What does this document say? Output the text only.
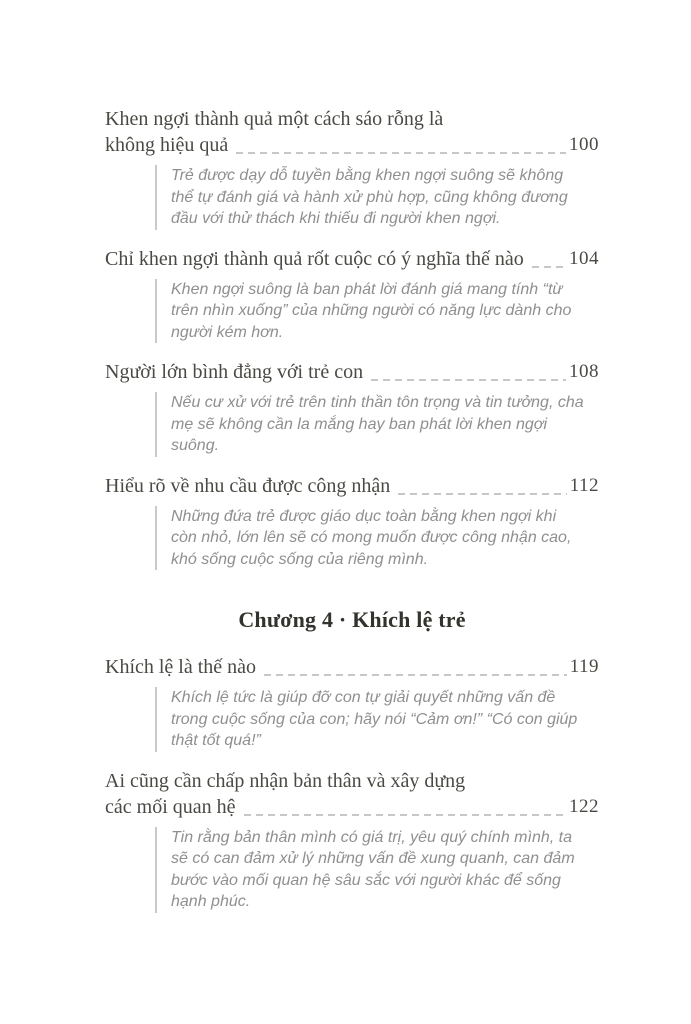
Khen ngợi thành quả một cách sáo rỗng là
không hiệu quả	100

Trẻ được dạy dỗ tuyền bằng khen ngợi suông sẽ không thể tự đánh giá và hành xử phù hợp, cũng không đương đầu với thử thách khi thiếu đi người khen ngợi.

Chỉ khen ngợi thành quả rốt cuộc có ý nghĩa thế nào 104

Khen ngợi suông là ban phát lời đánh giá mang tính “từ trên nhìn xuống” của những người có năng lực dành cho người kém hơn.

Người lớn bình đẳng với trẻ con	108

Nếu cư xử với trẻ trên tinh thần tôn trọng và tin tưởng, cha mẹ sẽ không cần la mắng hay ban phát lời khen ngợi suông.

Hiểu rõ về nhu cầu được công nhận	112

Những đứa trẻ được giáo dục toàn bằng khen ngợi khi còn nhỏ, lớn lên sẽ có mong muốn được công nhận cao, khó sống cuộc sống của riêng mình.

Chương 4 · Khích lệ trẻ
Khích lệ là thế nào	119

Khích lệ tức là giúp đỡ con tự giải quyết những vấn đề trong cuộc sống của con; hãy nói “Cảm ơn!” “Có con giúp thật tốt quá!”

Ai cũng cần chấp nhận bản thân và xây dựng
các mối quan hệ	122

Tin rằng bản thân mình có giá trị, yêu quý chính mình, ta sẽ có can đảm xử lý những vấn đề xung quanh, can đảm bước vào mối quan hệ sâu sắc với người khác để sống hạnh phúc.
